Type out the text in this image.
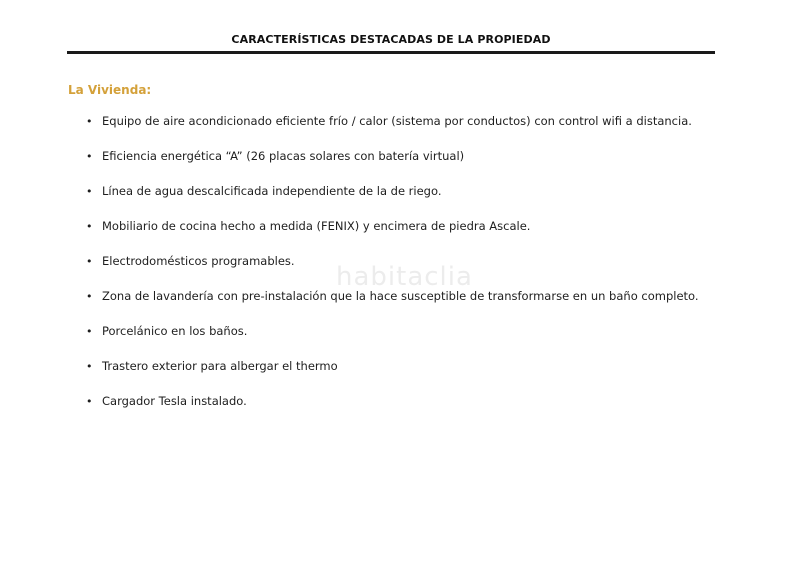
CARACTERÍSTICAS DESTACADAS DE LA PROPIEDAD
La Vivienda:
• Equipo de aire acondicionado eficiente frío / calor (sistema por conductos) con control wifi a distancia.
• Eficiencia energética “A” (26 placas solares con batería virtual)
• Línea de agua descalcificada independiente de la de riego.
• Mobiliario de cocina hecho a medida (FENIX) y encimera de piedra Ascale.
• Electrodomésticos programables.
• Zona de lavandería con pre-instalación que la hace susceptible de transformarse en un baño completo.
• Porcelánico en los baños.
• Trastero exterior para albergar el thermo
• Cargador Tesla instalado.
habitaclia
